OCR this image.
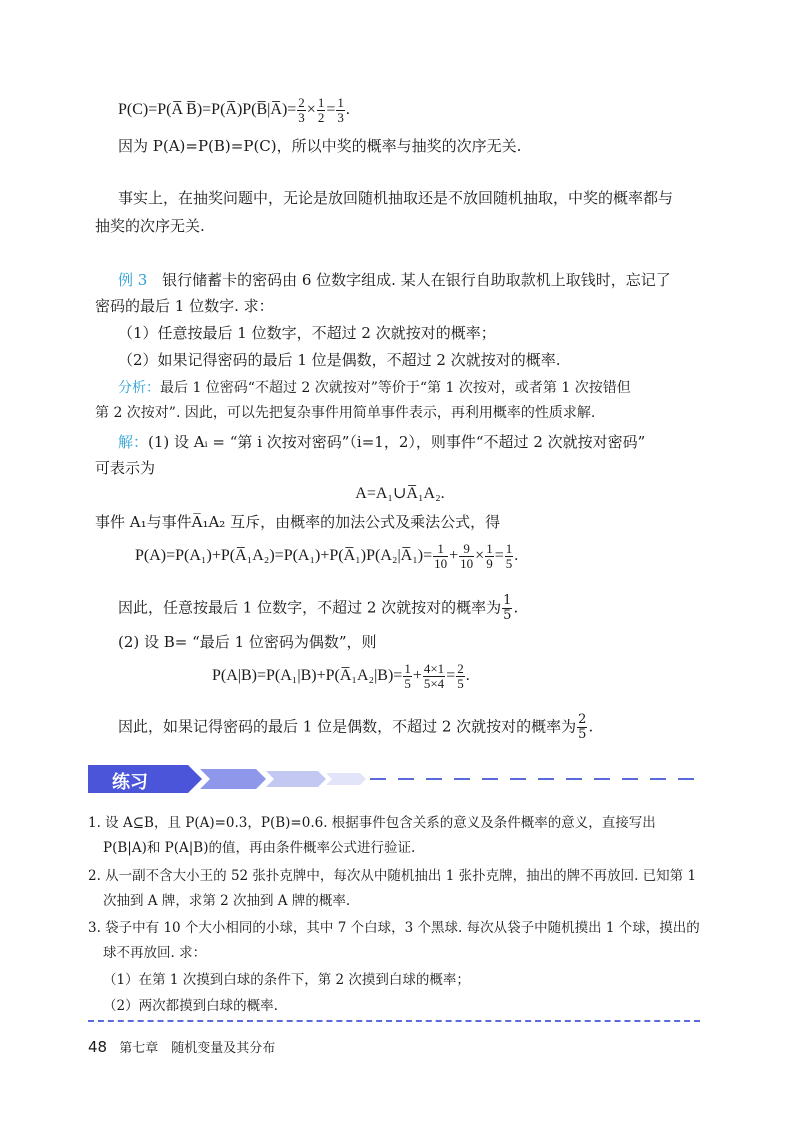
P(C)=P(A̅ B̅)=P(A̅)P(B̅|A̅)= $\frac{2}{3} \times \frac{1}{2} = \frac{1}{3}$ .
因为 P(A)=P(B)=P(C)，所以中奖的概率与抽奖的次序无关.
事实上，在抽奖问题中，无论是放回随机抽取还是不放回随机抽取，中奖的概率都与
抽奖的次序无关.
例 3 银行储蓄卡的密码由 6 位数字组成. 某人在银行自助取款机上取钱时，忘记了
密码的最后 1 位数字. 求：
（1）任意按最后 1 位数字，不超过 2 次就按对的概率；
（2）如果记得密码的最后 1 位是偶数，不超过 2 次就按对的概率.
分析：最后 1 位密码“不超过 2 次就按对”等价于“第 1 次按对，或者第 1 次按错但
第 2 次按对”. 因此，可以先把复杂事件用简单事件表示，再利用概率的性质求解.
解：(1) 设 Aᵢ = “第 i 次按对密码”（i=1，2），则事件“不超过 2 次就按对密码”
可表示为
A=A₁∪A̅₁A₂.
事件 A₁与事件A̅₁A₂ 互斥，由概率的加法公式及乘法公式，得
P(A)=P(A₁)+P(A̅₁A₂)=P(A₁)+P(A̅₁)P(A₂|A̅₁)= $\frac{1}{10} + \frac{9}{10} \times \frac{1}{9} = \frac{1}{5}$ .
因此，任意按最后 1 位数字，不超过 2 次就按对的概率为 $\frac{1}{5}$ .
(2) 设 B= “最后 1 位密码为偶数”，则
P(A|B)=P(A₁|B)+P(A̅₁A₂|B)= $\frac{1}{5} + \frac{4\times 1}{5\times 4} = \frac{2}{5}$ .
因此，如果记得密码的最后 1 位是偶数，不超过 2 次就按对的概率为 $\frac{2}{5}$ .
练习
1. 设 A⊆B，且 P(A)=0.3，P(B)=0.6. 根据事件包含关系的意义及条件概率的意义，直接写出
P(B|A)和 P(A|B)的值，再由条件概率公式进行验证.
2. 从一副不含大小王的 52 张扑克牌中，每次从中随机抽出 1 张扑克牌，抽出的牌不再放回. 已知第 1
次抽到 A 牌，求第 2 次抽到 A 牌的概率.
3. 袋子中有 10 个大小相同的小球，其中 7 个白球，3 个黑球. 每次从袋子中随机摸出 1 个球，摸出的
球不再放回. 求：
（1）在第 1 次摸到白球的条件下，第 2 次摸到白球的概率；
（2）两次都摸到白球的概率.
48 第七章　随机变量及其分布
